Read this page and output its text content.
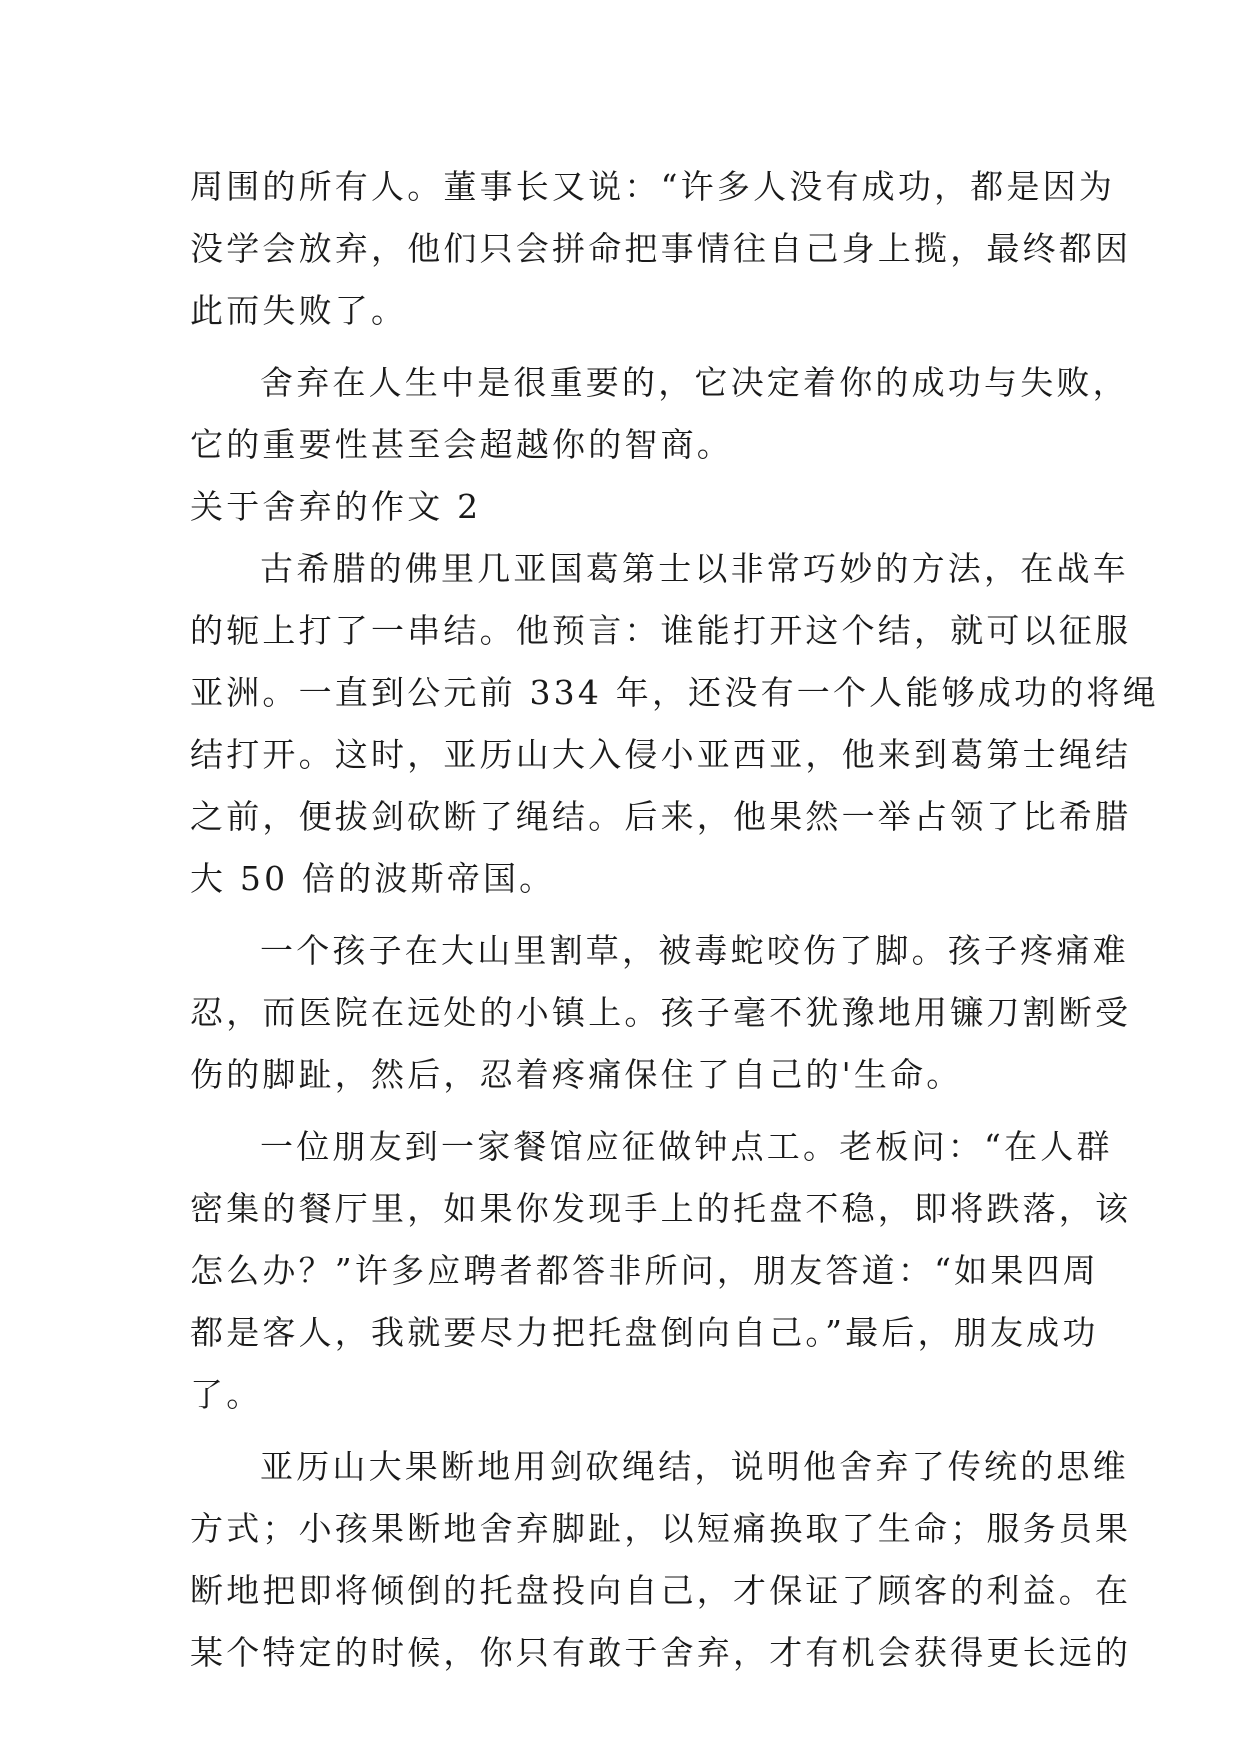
周围的所有人。董事长又说：“许多人没有成功，都是因为
没学会放弃，他们只会拼命把事情往自己身上揽，最终都因
此而失败了。
舍弃在人生中是很重要的，它决定着你的成功与失败，
它的重要性甚至会超越你的智商。
关于舍弃的作文 2
古希腊的佛里几亚国葛第士以非常巧妙的方法，在战车
的轭上打了一串结。他预言：谁能打开这个结，就可以征服
亚洲。一直到公元前 334 年，还没有一个人能够成功的将绳
结打开。这时，亚历山大入侵小亚西亚，他来到葛第士绳结
之前，便拔剑砍断了绳结。后来，他果然一举占领了比希腊
大 50 倍的波斯帝国。
一个孩子在大山里割草，被毒蛇咬伤了脚。孩子疼痛难
忍，而医院在远处的小镇上。孩子毫不犹豫地用镰刀割断受
伤的脚趾，然后，忍着疼痛保住了自己的'生命。
一位朋友到一家餐馆应征做钟点工。老板问：“在人群
密集的餐厅里，如果你发现手上的托盘不稳，即将跌落，该
怎么办？”许多应聘者都答非所问，朋友答道：“如果四周
都是客人，我就要尽力把托盘倒向自己。”最后，朋友成功
了。
亚历山大果断地用剑砍绳结，说明他舍弃了传统的思维
方式；小孩果断地舍弃脚趾，以短痛换取了生命；服务员果
断地把即将倾倒的托盘投向自己，才保证了顾客的利益。在
某个特定的时候，你只有敢于舍弃，才有机会获得更长远的
